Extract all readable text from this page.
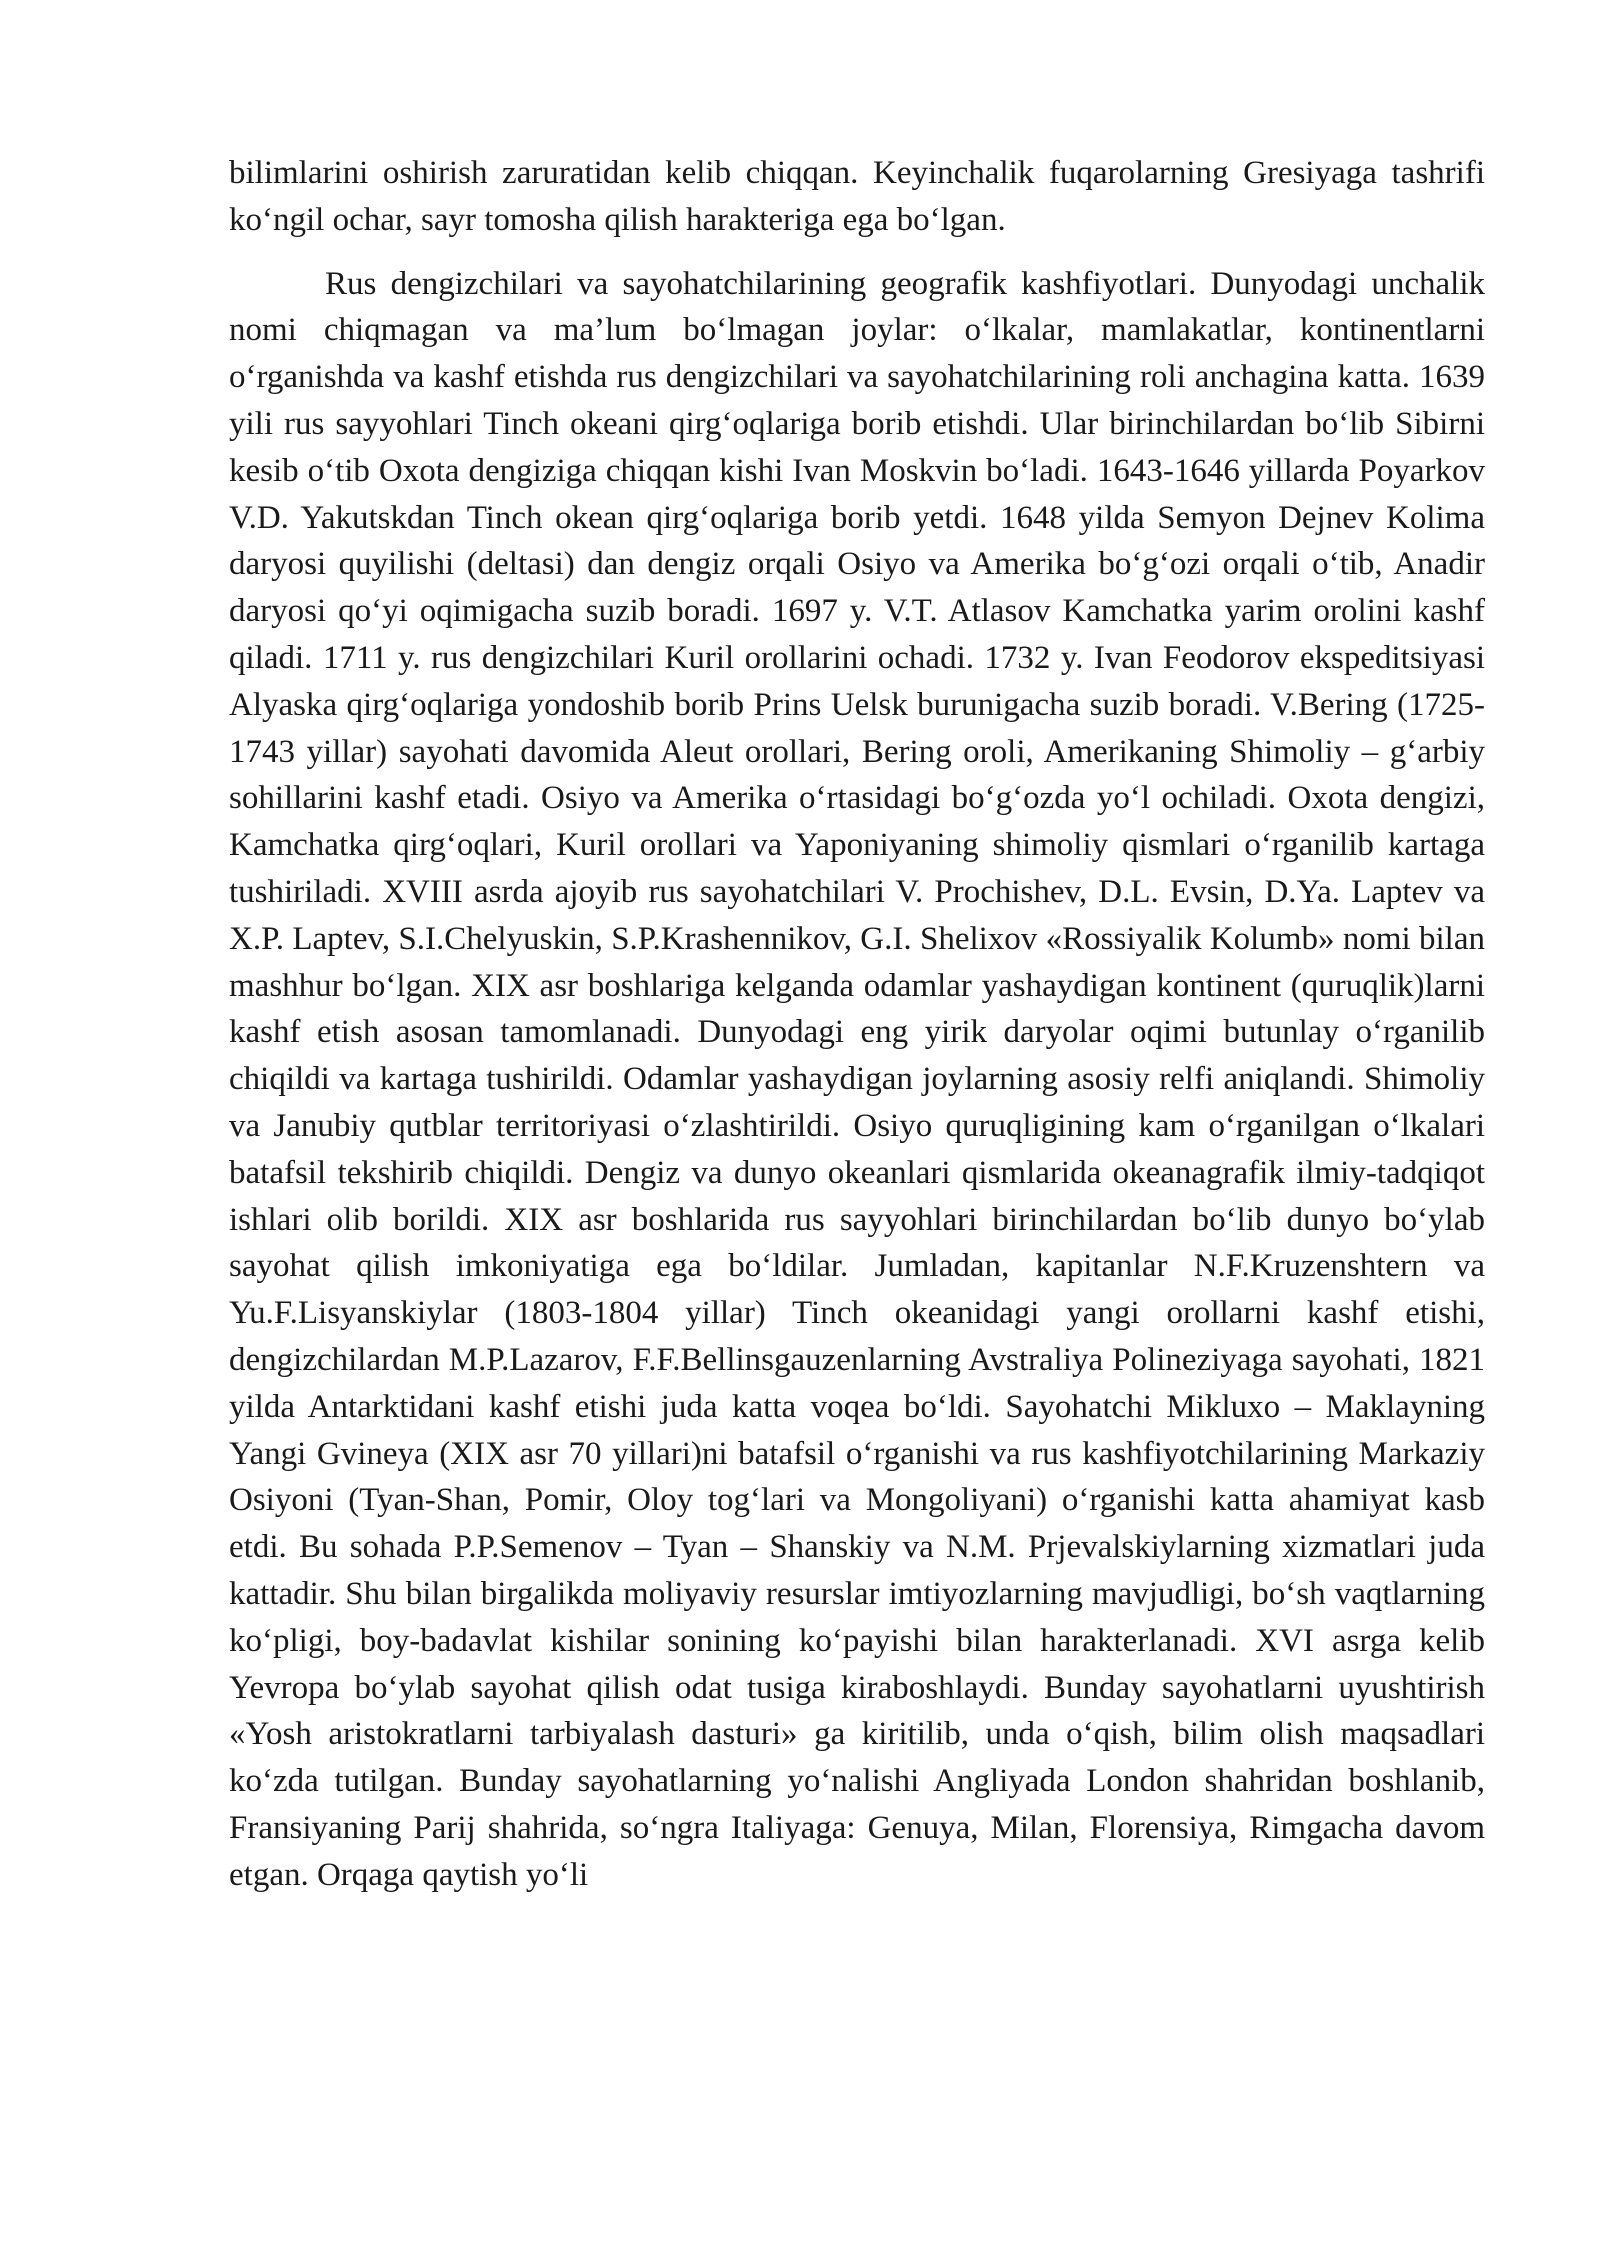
bilimlarini oshirish zaruratidan kelib chiqqan. Keyinchalik fuqarolarning Gresiyaga tashrifi ko‘ngil ochar, sayr tomosha qilish harakteriga ega bo‘lgan.

Rus dengizchilari va sayohatchilarining geografik kashfiyotlari. Dunyodagi unchalik nomi chiqmagan va ma’lum bo‘lmagan joylar: o‘lkalar, mamlakatlar, kontinentlarni o‘rganishda va kashf etishda rus dengizchilari va sayohatchilarining roli anchagina katta. 1639 yili rus sayyohlari Tinch okeani qirg‘oqlariga borib etishdi. Ular birinchilardan bo‘lib Sibirni kesib o‘tib Oxota dengiziga chiqqan kishi Ivan Moskvin bo‘ladi. 1643-1646 yillarda Poyarkov V.D. Yakutskdan Tinch okean qirg‘oqlariga borib yetdi. 1648 yilda Semyon Dejnev Kolima daryosi quyilishi (deltasi) dan dengiz orqali Osiyo va Amerika bo‘g‘ozi orqali o‘tib, Anadir daryosi qo‘yi oqimigacha suzib boradi. 1697 y. V.T. Atlasov Kamchatka yarim orolini kashf qiladi. 1711 y. rus dengizchilari Kuril orollarini ochadi. 1732 y. Ivan Feodorov ekspeditsiyasi Alyaska qirg‘oqlariga yondoshib borib Prins Uelsk burunigacha suzib boradi. V.Bering (1725-1743 yillar) sayohati davomida Aleut orollari, Bering oroli, Amerikaning Shimoliy – g‘arbiy sohillarini kashf etadi. Osiyo va Amerika o‘rtasidagi bo‘g‘ozda yo‘l ochiladi. Oxota dengizi, Kamchatka qirg‘oqlari, Kuril orollari va Yaponiyaning shimoliy qismlari o‘rganilib kartaga tushiriladi. XVIII asrda ajoyib rus sayohatchilari V. Prochishev, D.L. Evsin, D.Ya. Laptev va X.P. Laptev, S.I.Chelyuskin, S.P.Krashennikov, G.I. Shelixov «Rossiyalik Kolumb» nomi bilan mashhur bo‘lgan. XIX asr boshlariga kelganda odamlar yashaydigan kontinent (quruqlik)larni kashf etish asosan tamomlanadi. Dunyodagi eng yirik daryolar oqimi butunlay o‘rganilib chiqildi va kartaga tushirildi. Odamlar yashaydigan joylarning asosiy relfi aniqlandi. Shimoliy va Janubiy qutblar territoriyasi o‘zlashtirildi. Osiyo quruqligining kam o‘rganilgan o‘lkalari batafsil tekshirib chiqildi. Dengiz va dunyo okeanlari qismlarida okeanagrafik ilmiy-tadqiqot ishlari olib borildi. XIX asr boshlarida rus sayyohlari birinchilardan bo‘lib dunyo bo‘ylab sayohat qilish imkoniyatiga ega bo‘ldilar. Jumladan, kapitanlar N.F.Kruzenshtern va Yu.F.Lisyanskiylar (1803-1804 yillar) Tinch okeanidagi yangi orollarni kashf etishi, dengizchilardan M.P.Lazarov, F.F.Bellinsgauzenlarning Avstraliya Polineziyaga sayohati, 1821 yilda Antarktidani kashf etishi juda katta voqea bo‘ldi. Sayohatchi Mikluxo – Maklayning Yangi Gvineya (XIX asr 70 yillari)ni batafsil o‘rganishi va rus kashfiyotchilarining Markaziy Osiyoni (Tyan-Shan, Pomir, Oloy tog‘lari va Mongoliyani) o‘rganishi katta ahamiyat kasb etdi. Bu sohada P.P.Semenov – Tyan – Shanskiy va N.M. Prjevalskiylarning xizmatlari juda kattadir. Shu bilan birgalikda moliyaviy resurslar imtiyozlarning mavjudligi, bo‘sh vaqtlarning ko‘pligi, boy-badavlat kishilar sonining ko‘payishi bilan harakterlanadi. XVI asrga kelib Yevropa bo‘ylab sayohat qilish odat tusiga kiraboshlaydi. Bunday sayohatlarni uyushtirish «Yosh aristokratlarni tarbiyalash dasturi» ga kiritilib, unda o‘qish, bilim olish maqsadlari ko‘zda tutilgan. Bunday sayohatlarning yo‘nalishi Angliyada London shahridan boshlanib, Fransiyaning Parij shahrida, so‘ngra Italiyaga: Genuya, Milan, Florensiya, Rimgacha davom etgan. Orqaga qaytish yo‘li
